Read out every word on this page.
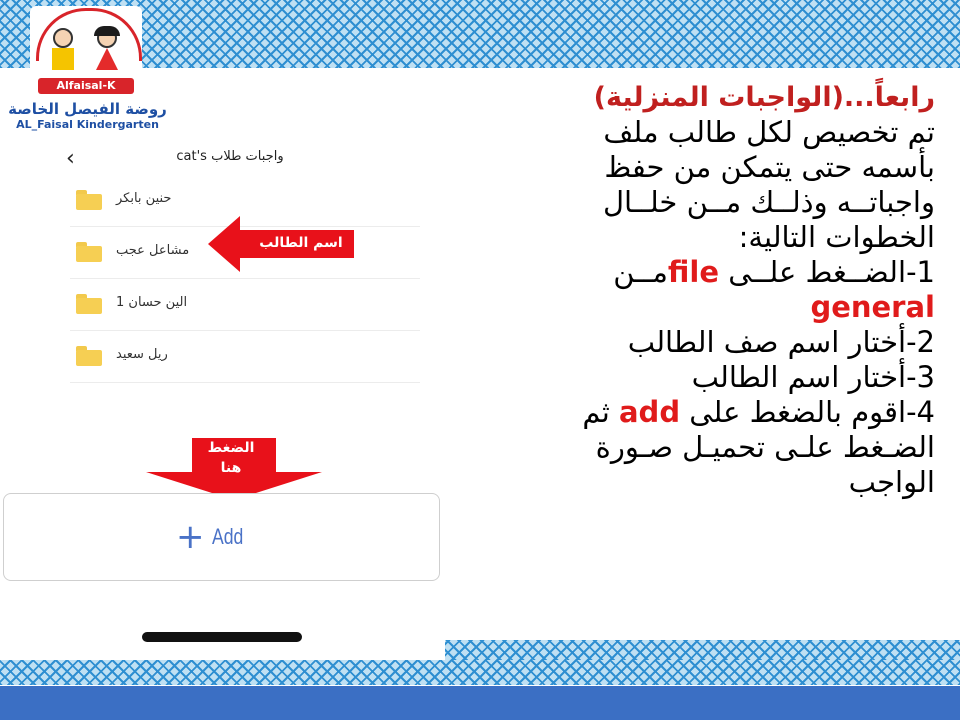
Alfaisal-K
روضة الفيصل الخاصة
AL_Faisal Kindergarten
‹	واجبات طلاب cat's
حنين بابكر
مشاعل عجب
الين حسان 1
ريل سعيد
اسم الطالب
الضغط
هنا
+ Add
رابعاً...(الواجبات المنزلية)
تم تخصيص لكل طالب ملف
بأسمه حتى يتمكن من حفظ
واجباتــه وذلــك مــن خلــال
الخطوات التالية:
1-الضــغط علــى fileمــن
general
2-أختار اسم صف الطالب
3-أختار اسم الطالب
4-اقوم بالضغط على add ثم
الضـغط علـى تحميـل صـورة
الواجب
